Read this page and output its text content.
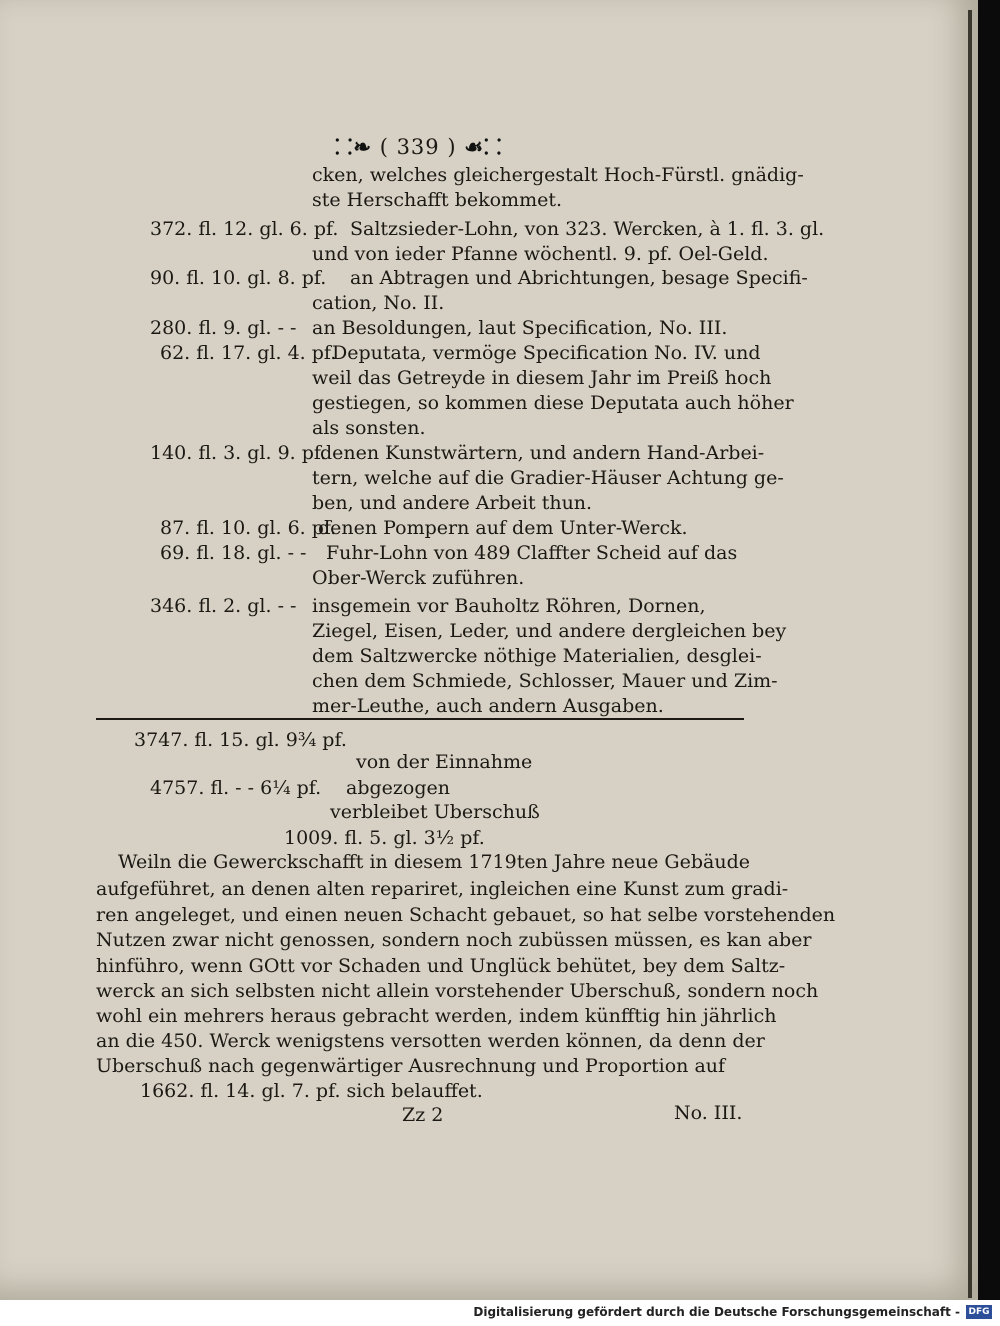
⸬❧ ( 339 ) ☙⸬
cken, welches gleichergestalt Hoch-Fürstl. gnädig-
ste Herschafft bekommet.
372. fl. 12. gl. 6. pf. Saltzsieder-Lohn, von 323. Wercken, à 1. fl. 3. gl.
und von ieder Pfanne wöchentl. 9. pf. Oel-Geld.
90. fl. 10. gl. 8. pf. an Abtragen und Abrichtungen, besage Specifi-
cation, No. II.
280. fl. 9. gl. - - an Besoldungen, laut Specification, No. III.
62. fl. 17. gl. 4. pf.
Deputata, vermöge Specification No. IV. und
weil das Getreyde in diesem Jahr im Preiß hoch
gestiegen, so kommen diese Deputata auch höher
als sonsten.
140. fl. 3. gl. 9. pf.
denen Kunstwärtern, und andern Hand-Arbei-
tern, welche auf die Gradier-Häuser Achtung ge-
ben, und andere Arbeit thun.
87. fl. 10. gl. 6. pf.
denen Pompern auf dem Unter-Werck.
69. fl. 18. gl. - - Fuhr-Lohn von 489 Claffter Scheid auf das
Ober-Werck zuführen.
346. fl. 2. gl. - - insgemein vor Bauholtz Röhren, Dornen,
Ziegel, Eisen, Leder, und andere dergleichen bey
dem Saltzwercke nöthige Materialien, desglei-
chen dem Schmiede, Schlosser, Mauer und Zim-
mer-Leuthe, auch andern Ausgaben.
3747. fl. 15. gl. 9¾ pf.
von der Einnahme
4757. fl. - - 6¼ pf. abgezogen
verbleibet Uberschuß
1009. fl. 5. gl. 3½ pf.
Weiln die Gewerckschafft in diesem 1719ten Jahre neue Gebäude
aufgeführet, an denen alten repariret, ingleichen eine Kunst zum gradi-
ren angeleget, und einen neuen Schacht gebauet, so hat selbe vorstehenden
Nutzen zwar nicht genossen, sondern noch zubüssen müssen, es kan aber
hinführo, wenn GOtt vor Schaden und Unglück behütet, bey dem Saltz-
werck an sich selbsten nicht allein vorstehender Uberschuß, sondern noch
wohl ein mehrers heraus gebracht werden, indem künfftig hin jährlich
an die 450. Werck wenigstens versotten werden können, da denn der
Uberschuß nach gegenwärtiger Ausrechnung und Proportion auf
1662. fl. 14. gl. 7. pf. sich belauffet.
Zz 2	No. III.
Digitalisierung gefördert durch die Deutsche Forschungsgemeinschaft - DFG
